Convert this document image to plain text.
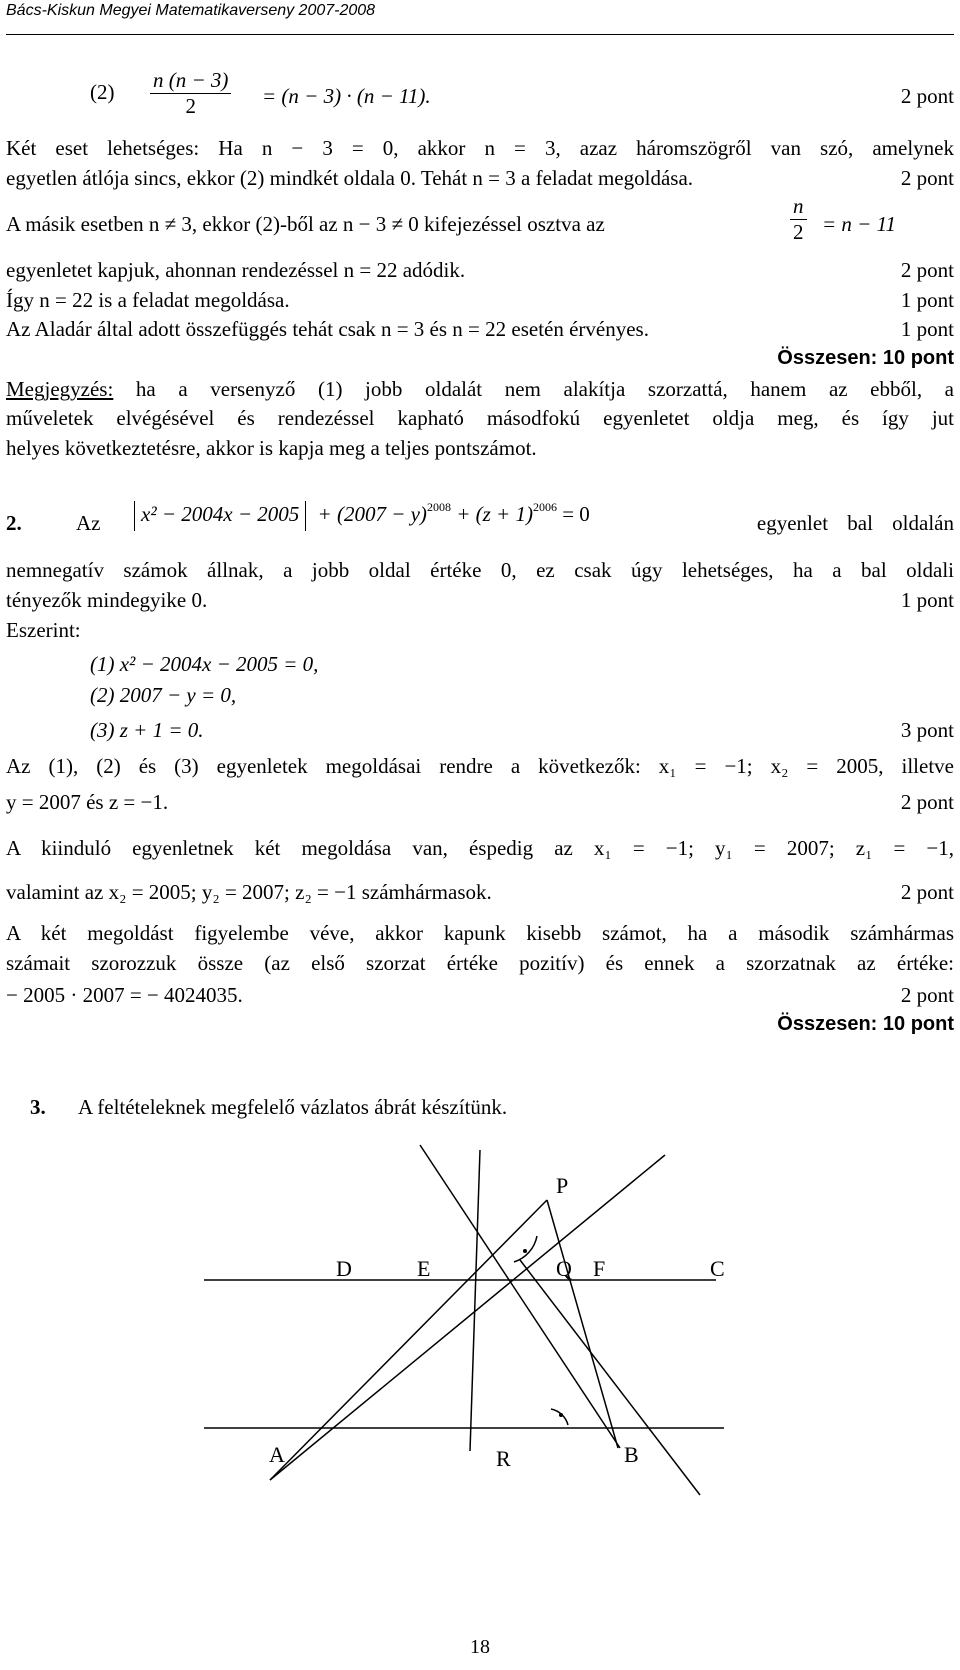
Bács-Kiskun Megyei Matematikaverseny 2007-2008
$(2) \frac{n (n - 3)}{2} = (n - 3) \cdot (n - 11)$.	2 pont
Két eset lehetséges: Ha n − 3 = 0, akkor n = 3, azaz háromszögről van szó, amelynek
egyetlen átlója sincs, ekkor (2) mindkét oldala 0. Tehát n = 3 a feladat megoldása.	2 pont
A másik esetben n ≠ 3, ekkor (2)-ből az n − 3 ≠ 0 kifejezéssel osztva az	$\frac{n}{2} = n - 11$
egyenletet kapjuk, ahonnan rendezéssel n = 22 adódik.	2 pont
Így n = 22 is a feladat megoldása.	1 pont
Az Aladár által adott összefüggés tehát csak n = 3 és n = 22 esetén érvényes.	1 pont
Összesen: 10 pont
Megjegyzés: ha a versenyző (1) jobb oldalát nem alakítja szorzattá, hanem az ebből, a
műveletek elvégésével és rendezéssel kapható másodfokú egyenletet oldja meg, és így jut
helyes következtetésre, akkor is kapja meg a teljes pontszámot.
2.	Az	$x^2 - 2004x - 2005 + (2007 - y)^{2008} + (z + 1)^{2006} = 0$	egyenlet bal oldalán
nemnegatív számok állnak, a jobb oldal értéke 0, ez csak úgy lehetséges, ha a bal oldali
tényezők mindegyike 0.	1 pont
Eszerint:
(1) x² − 2004x − 2005 = 0,
(2) 2007 − y = 0,
(3) z + 1 = 0.	3 pont
Az (1), (2) és (3) egyenletek megoldásai rendre a következők: x₁ = −1; x₂ = 2005, illetve
y = 2007 és z = −1.	2 pont
A kiinduló egyenletnek két megoldása van, éspedig az x₁ = −1; y₁ = 2007; z₁ = −1,
valamint az x₂ = 2005; y₂ = 2007; z₂ = −1 számhármasok.	2 pont
A két megoldást figyelembe véve, akkor kapunk kisebb számot, ha a második számhármas
számait szorozzuk össze (az első szorzat értéke pozitív) és ennek a szorzatnak az értéke:
− 2005 · 2007 = − 4024035.	2 pont
Összesen: 10 pont
3. A feltételeknek megfelelő vázlatos ábrát készítünk.
P
D	E	Q F	C
A	R	B
18
